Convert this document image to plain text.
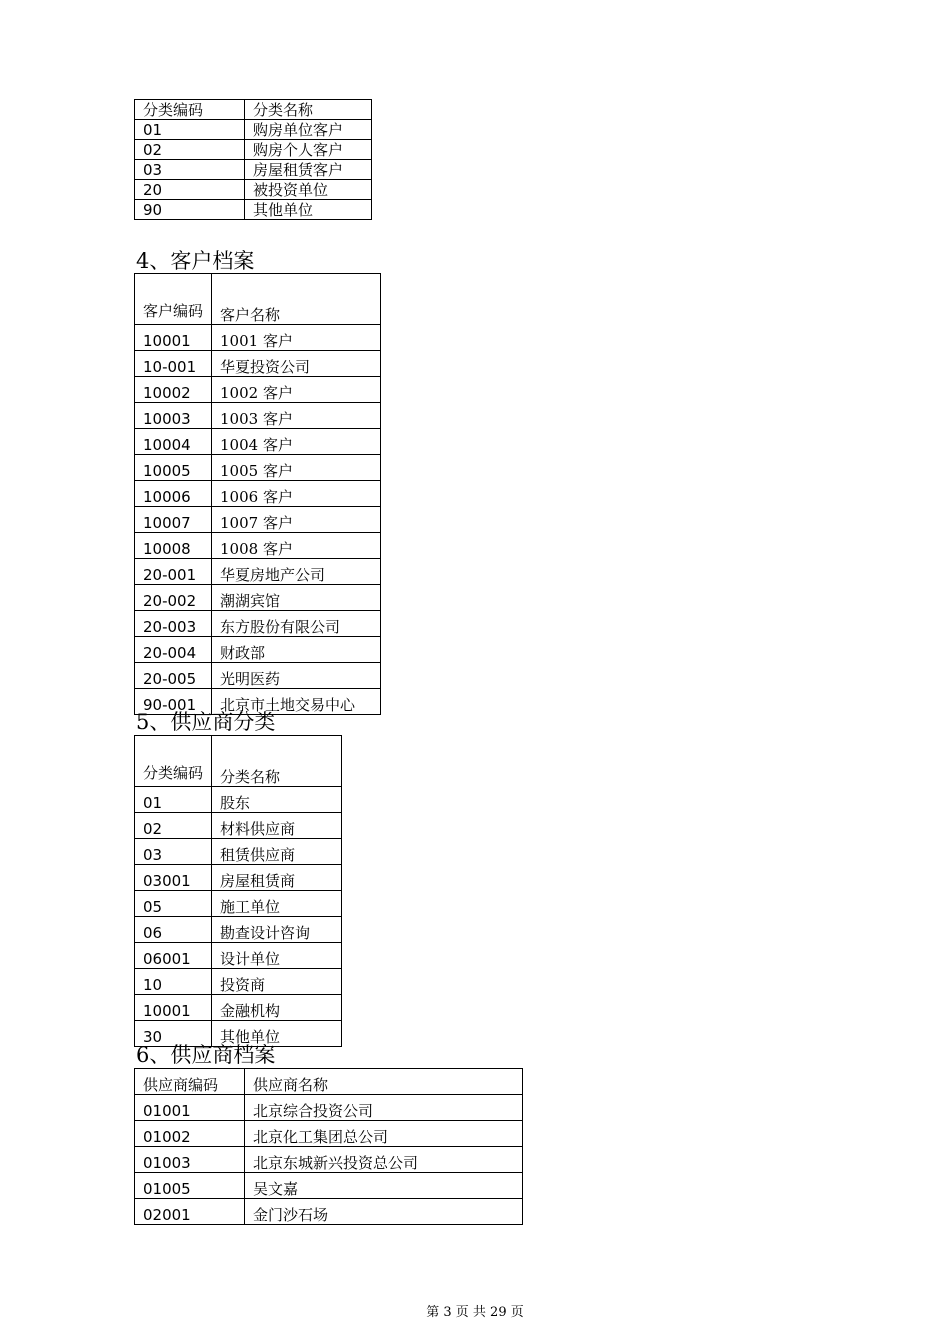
分类编码	分类名称
01	购房单位客户
02	购房个人客户
03	房屋租赁客户
20	被投资单位
90	其他单位
4、客户档案
客户编码	客户名称
10001	1001 客户
10-001	华夏投资公司
10002	1002 客户
10003	1003 客户
10004	1004 客户
10005	1005 客户
10006	1006 客户
10007	1007 客户
10008	1008 客户
20-001	华夏房地产公司
20-002	潮湖宾馆
20-003	东方股份有限公司
20-004	财政部
20-005	光明医药
90-001	北京市土地交易中心
5、供应商分类
分类编码	分类名称
01	股东
02	材料供应商
03	租赁供应商
03001	房屋租赁商
05	施工单位
06	勘查设计咨询
06001	设计单位
10	投资商
10001	金融机构
30	其他单位
6、供应商档案
供应商编码	供应商名称
01001	北京综合投资公司
01002	北京化工集团总公司
01003	北京东城新兴投资总公司
01005	吴文嘉
02001	金门沙石场
第 3 页 共 29 页
